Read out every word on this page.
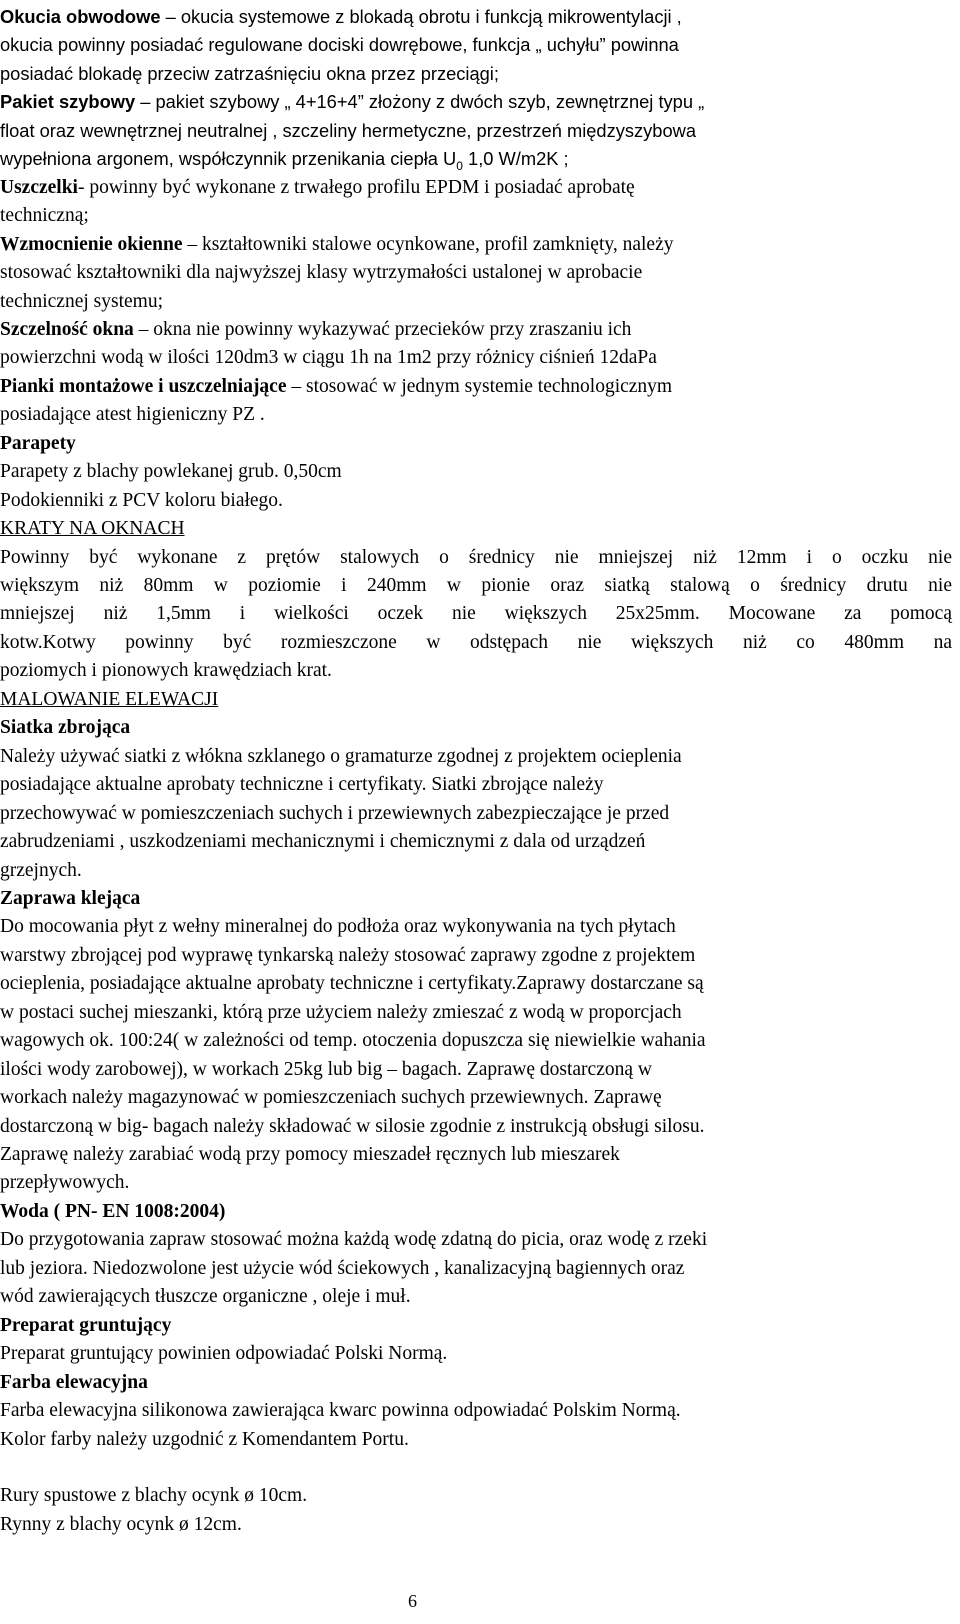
Okucia obwodowe – okucia systemowe z blokadą obrotu i funkcją mikrowentylacji ,
okucia powinny posiadać regulowane dociski dowrębowe, funkcja „ uchyłu” powinna
posiadać blokadę przeciw zatrzaśnięciu okna przez przeciągi;
Pakiet szybowy – pakiet szybowy „ 4+16+4” złożony z dwóch szyb, zewnętrznej typu „
float oraz wewnętrznej neutralnej , szczeliny hermetyczne, przestrzeń międzyszybowa
wypełniona argonem, współczynnik przenikania ciepła $U_0$ 1,0 W/m2K ;
Uszczelki- powinny być wykonane z trwałego profilu EPDM i posiadać aprobatę
techniczną;
Wzmocnienie okienne – kształtowniki stalowe ocynkowane, profil zamknięty, należy
stosować kształtowniki dla najwyższej klasy wytrzymałości ustalonej w aprobacie
technicznej systemu;
Szczelność okna – okna nie powinny wykazywać przecieków przy zraszaniu ich
powierzchni wodą w ilości 120dm3 w ciągu 1h na 1m2 przy różnicy ciśnień 12daPa
Pianki montażowe i uszczelniające – stosować w jednym systemie technologicznym
posiadające atest higieniczny PZ .
Parapety
Parapety z blachy powlekanej grub. 0,50cm
Podokienniki z PCV koloru białego.
KRATY NA OKNACH
Powinny być wykonane z prętów stalowych o średnicy nie mniejszej niż 12mm i o oczku nie
większym niż 80mm w poziomie i 240mm w pionie oraz siatką stalową o średnicy drutu nie
mniejszej niż 1,5mm i wielkości oczek nie większych 25x25mm. Mocowane za pomocą
kotw.Kotwy powinny być rozmieszczone w odstępach nie większych niż co 480mm na
poziomych i pionowych krawędziach krat.
MALOWANIE ELEWACJI
Siatka zbrojąca
Należy używać siatki z włókna szklanego o gramaturze zgodnej z projektem ocieplenia
posiadające aktualne aprobaty techniczne i certyfikaty. Siatki zbrojące należy
przechowywać w pomieszczeniach suchych i przewiewnych zabezpieczające je przed
zabrudzeniami , uszkodzeniami mechanicznymi i chemicznymi z dala od urządzeń
grzejnych.
Zaprawa klejąca
Do mocowania płyt z wełny mineralnej do podłoża oraz wykonywania na tych płytach
warstwy zbrojącej pod wyprawę tynkarską należy stosować zaprawy zgodne z projektem
ocieplenia, posiadające aktualne aprobaty techniczne i certyfikaty.Zaprawy dostarczane są
w postaci suchej mieszanki, którą prze użyciem należy zmieszać z wodą w proporcjach
wagowych ok. 100:24( w zależności od temp. otoczenia dopuszcza się niewielkie wahania
ilości wody zarobowej), w workach 25kg lub big – bagach. Zaprawę dostarczoną w
workach należy magazynować w pomieszczeniach suchych przewiewnych. Zaprawę
dostarczoną w big- bagach należy składować w silosie zgodnie z instrukcją obsługi silosu.
Zaprawę należy zarabiać wodą przy pomocy mieszadeł ręcznych lub mieszarek
przepływowych.
Woda ( PN- EN 1008:2004)
Do przygotowania zapraw stosować można każdą wodę zdatną do picia, oraz wodę z rzeki
lub jeziora. Niedozwolone jest użycie wód ściekowych , kanalizacyjną bagiennych oraz
wód zawierających tłuszcze organiczne , oleje i muł.
Preparat gruntujący
Preparat gruntujący powinien odpowiadać Polski Normą.
Farba elewacyjna
Farba elewacyjna silikonowa zawierająca kwarc powinna odpowiadać Polskim Normą.
Kolor farby należy uzgodnić z Komendantem Portu.
Rury spustowe z blachy ocynk ø 10cm.
Rynny z blachy ocynk ø 12cm.
6
